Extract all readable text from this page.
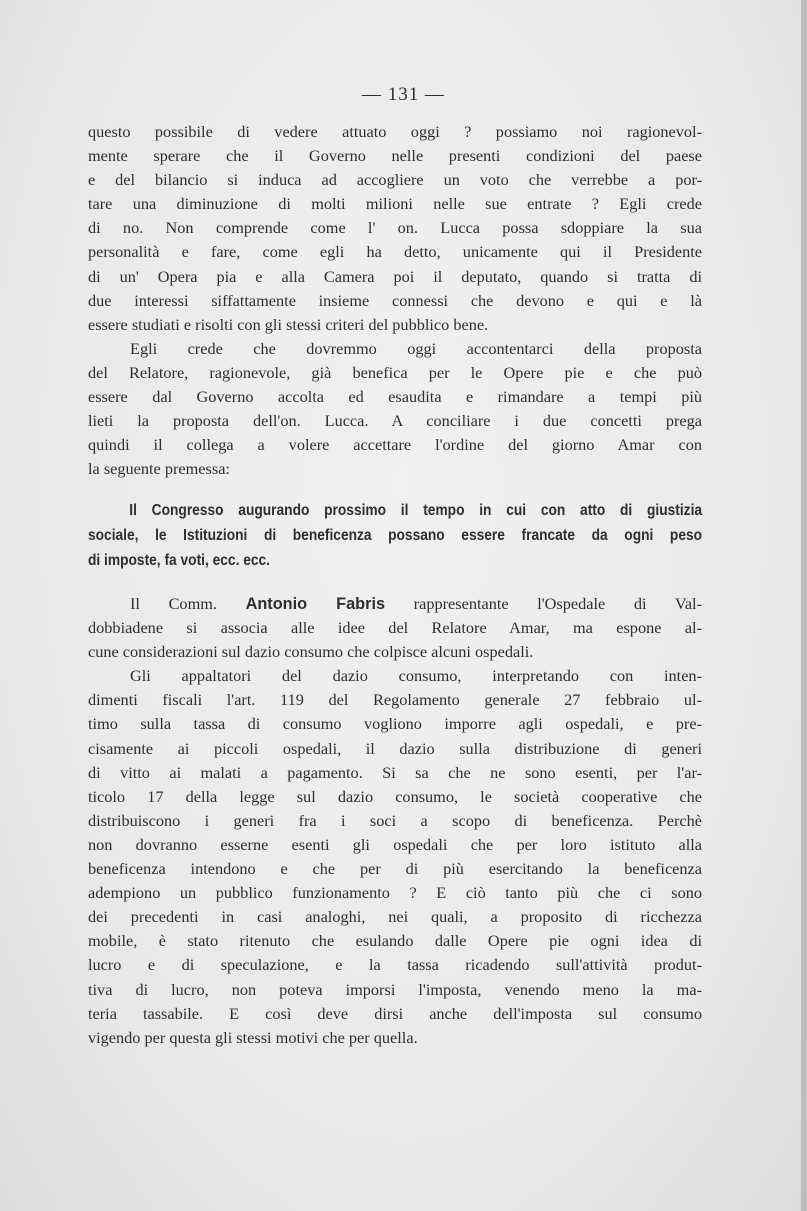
— 131 —
questo possibile di vedere attuato oggi ? possiamo noi ragionevol-
mente sperare che il Governo nelle presenti condizioni del paese
e del bilancio si induca ad accogliere un voto che verrebbe a por-
tare una diminuzione di molti milioni nelle sue entrate ? Egli crede
di no. Non comprende come l' on. Lucca possa sdoppiare la sua
personalità e fare, come egli ha detto, unicamente qui il Presidente
di un' Opera pia e alla Camera poi il deputato, quando si tratta di
due interessi siffattamente insieme connessi che devono e qui e là
essere studiati e risolti con gli stessi criteri del pubblico bene.
Egli crede che dovremmo oggi accontentarci della proposta
del Relatore, ragionevole, già benefica per le Opere pie e che può
essere dal Governo accolta ed esaudita e rimandare a tempi più
lieti la proposta dell'on. Lucca. A conciliare i due concetti prega
quindi il collega a volere accettare l'ordine del giorno Amar con
la seguente premessa:
Il Congresso augurando prossimo il tempo in cui con atto di giustizia
sociale, le Istituzioni di beneficenza possano essere francate da ogni peso
di imposte, fa voti, ecc. ecc.
Il Comm. Antonio Fabris rappresentante l'Ospedale di Val-
dobbiadene si associa alle idee del Relatore Amar, ma espone al-
cune considerazioni sul dazio consumo che colpisce alcuni ospedali.
Gli appaltatori del dazio consumo, interpretando con inten-
dimenti fiscali l'art. 119 del Regolamento generale 27 febbraio ul-
timo sulla tassa di consumo vogliono imporre agli ospedali, e pre-
cisamente ai piccoli ospedali, il dazio sulla distribuzione di generi
di vitto ai malati a pagamento. Si sa che ne sono esenti, per l'ar-
ticolo 17 della legge sul dazio consumo, le società cooperative che
distribuiscono i generi fra i soci a scopo di beneficenza. Perchè
non dovranno esserne esenti gli ospedali che per loro istituto alla
beneficenza intendono e che per di più esercitando la beneficenza
adempiono un pubblico funzionamento ? E ciò tanto più che ci sono
dei precedenti in casi analoghi, nei quali, a proposito di ricchezza
mobile, è stato ritenuto che esulando dalle Opere pie ogni idea di
lucro e di speculazione, e la tassa ricadendo sull'attività produt-
tiva di lucro, non poteva imporsi l'imposta, venendo meno la ma-
teria tassabile. E così deve dirsi anche dell'imposta sul consumo
vigendo per questa gli stessi motivi che per quella.
